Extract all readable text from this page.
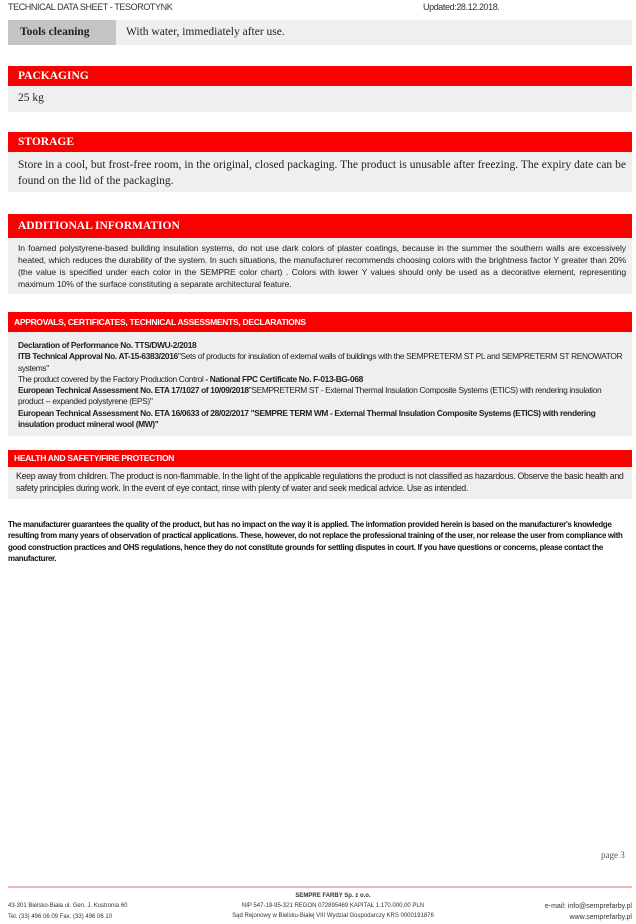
TECHNICAL DATA SHEET - TESOROTYNK	Updated:28.12.2018.
Tools cleaning	With water, immediately after use.
PACKAGING
25 kg
STORAGE
Store in a cool, but frost-free room, in the original, closed packaging. The product is unusable after freezing. The expiry date can be found on the lid of the packaging.
ADDITIONAL INFORMATION
In foamed polystyrene-based building insulation systems, do not use dark colors of plaster coatings, because in the summer the southern walls are excessively heated, which reduces the durability of the system. In such situations, the manufacturer recommends choosing colors with the brightness factor Y greater than 20% (the value is specified under each color in the SEMPRE color chart) . Colors with lower Y values should only be used as a decorative element, representing maximum 10% of the surface constituting a separate architectural feature.
APPROVALS, CERTIFICATES, TECHNICAL ASSESSMENTS, DECLARATIONS
Declaration of Performance No. TTS/DWU-2/2018
ITB Technical Approval No. AT-15-6383/2016"Sets of products for insulation of external walls of buildings with the SEMPRETERM ST PL and SEMPRETERM ST RENOWATOR systems"
The product covered by the Factory Production Control - National FPC Certificate No. F-013-BG-068
European Technical Assessment No. ETA 17/1027 of 10/09/2018"SEMPRETERM ST - External Thermal Insulation Composite Systems (ETICS) with rendering insulation product -- expanded polystyrene (EPS)"
European Technical Assessment No. ETA 16/0633 of 28/02/2017 "SEMPRE TERM WM - External Thermal Insulation Composite Systems (ETICS) with rendering insulation product mineral wool (MW)"
HEALTH AND SAFETY/FIRE PROTECTION
Keep away from children. The product is non-flammable. In the light of the applicable regulations the product is not classified as hazardous. Observe the basic health and safety principles during work. In the event of eye contact, rinse with plenty of water and seek medical advice. Use as intended.
The manufacturer guarantees the quality of the product, but has no impact on the way it is applied. The information provided herein is based on the manufacturer's knowledge resulting from many years of observation of practical applications. These, however, do not replace the professional training of the user, nor release the user from compliance with good construction practices and OHS regulations, hence they do not constitute grounds for settling disputes in court. If you have questions or concerns, please contact the manufacturer.
page 3
43-301 Bielsko-Biała ul. Gen. J. Kustronia 60
Tel. (33) 496 06 09 Fax. (33) 496 06 10
SEMPRE FARBY Sp. z o.o.
NIP 547-19-95-321 REGON 072895469 KAPITAŁ 1.170.000,00 PLN
Sąd Rejonowy w Bielsku-Białej VIII Wydział Gospodarczy KRS 0000191876
e-mail: info@semprefarby.pl
www.semprefarby.pl
